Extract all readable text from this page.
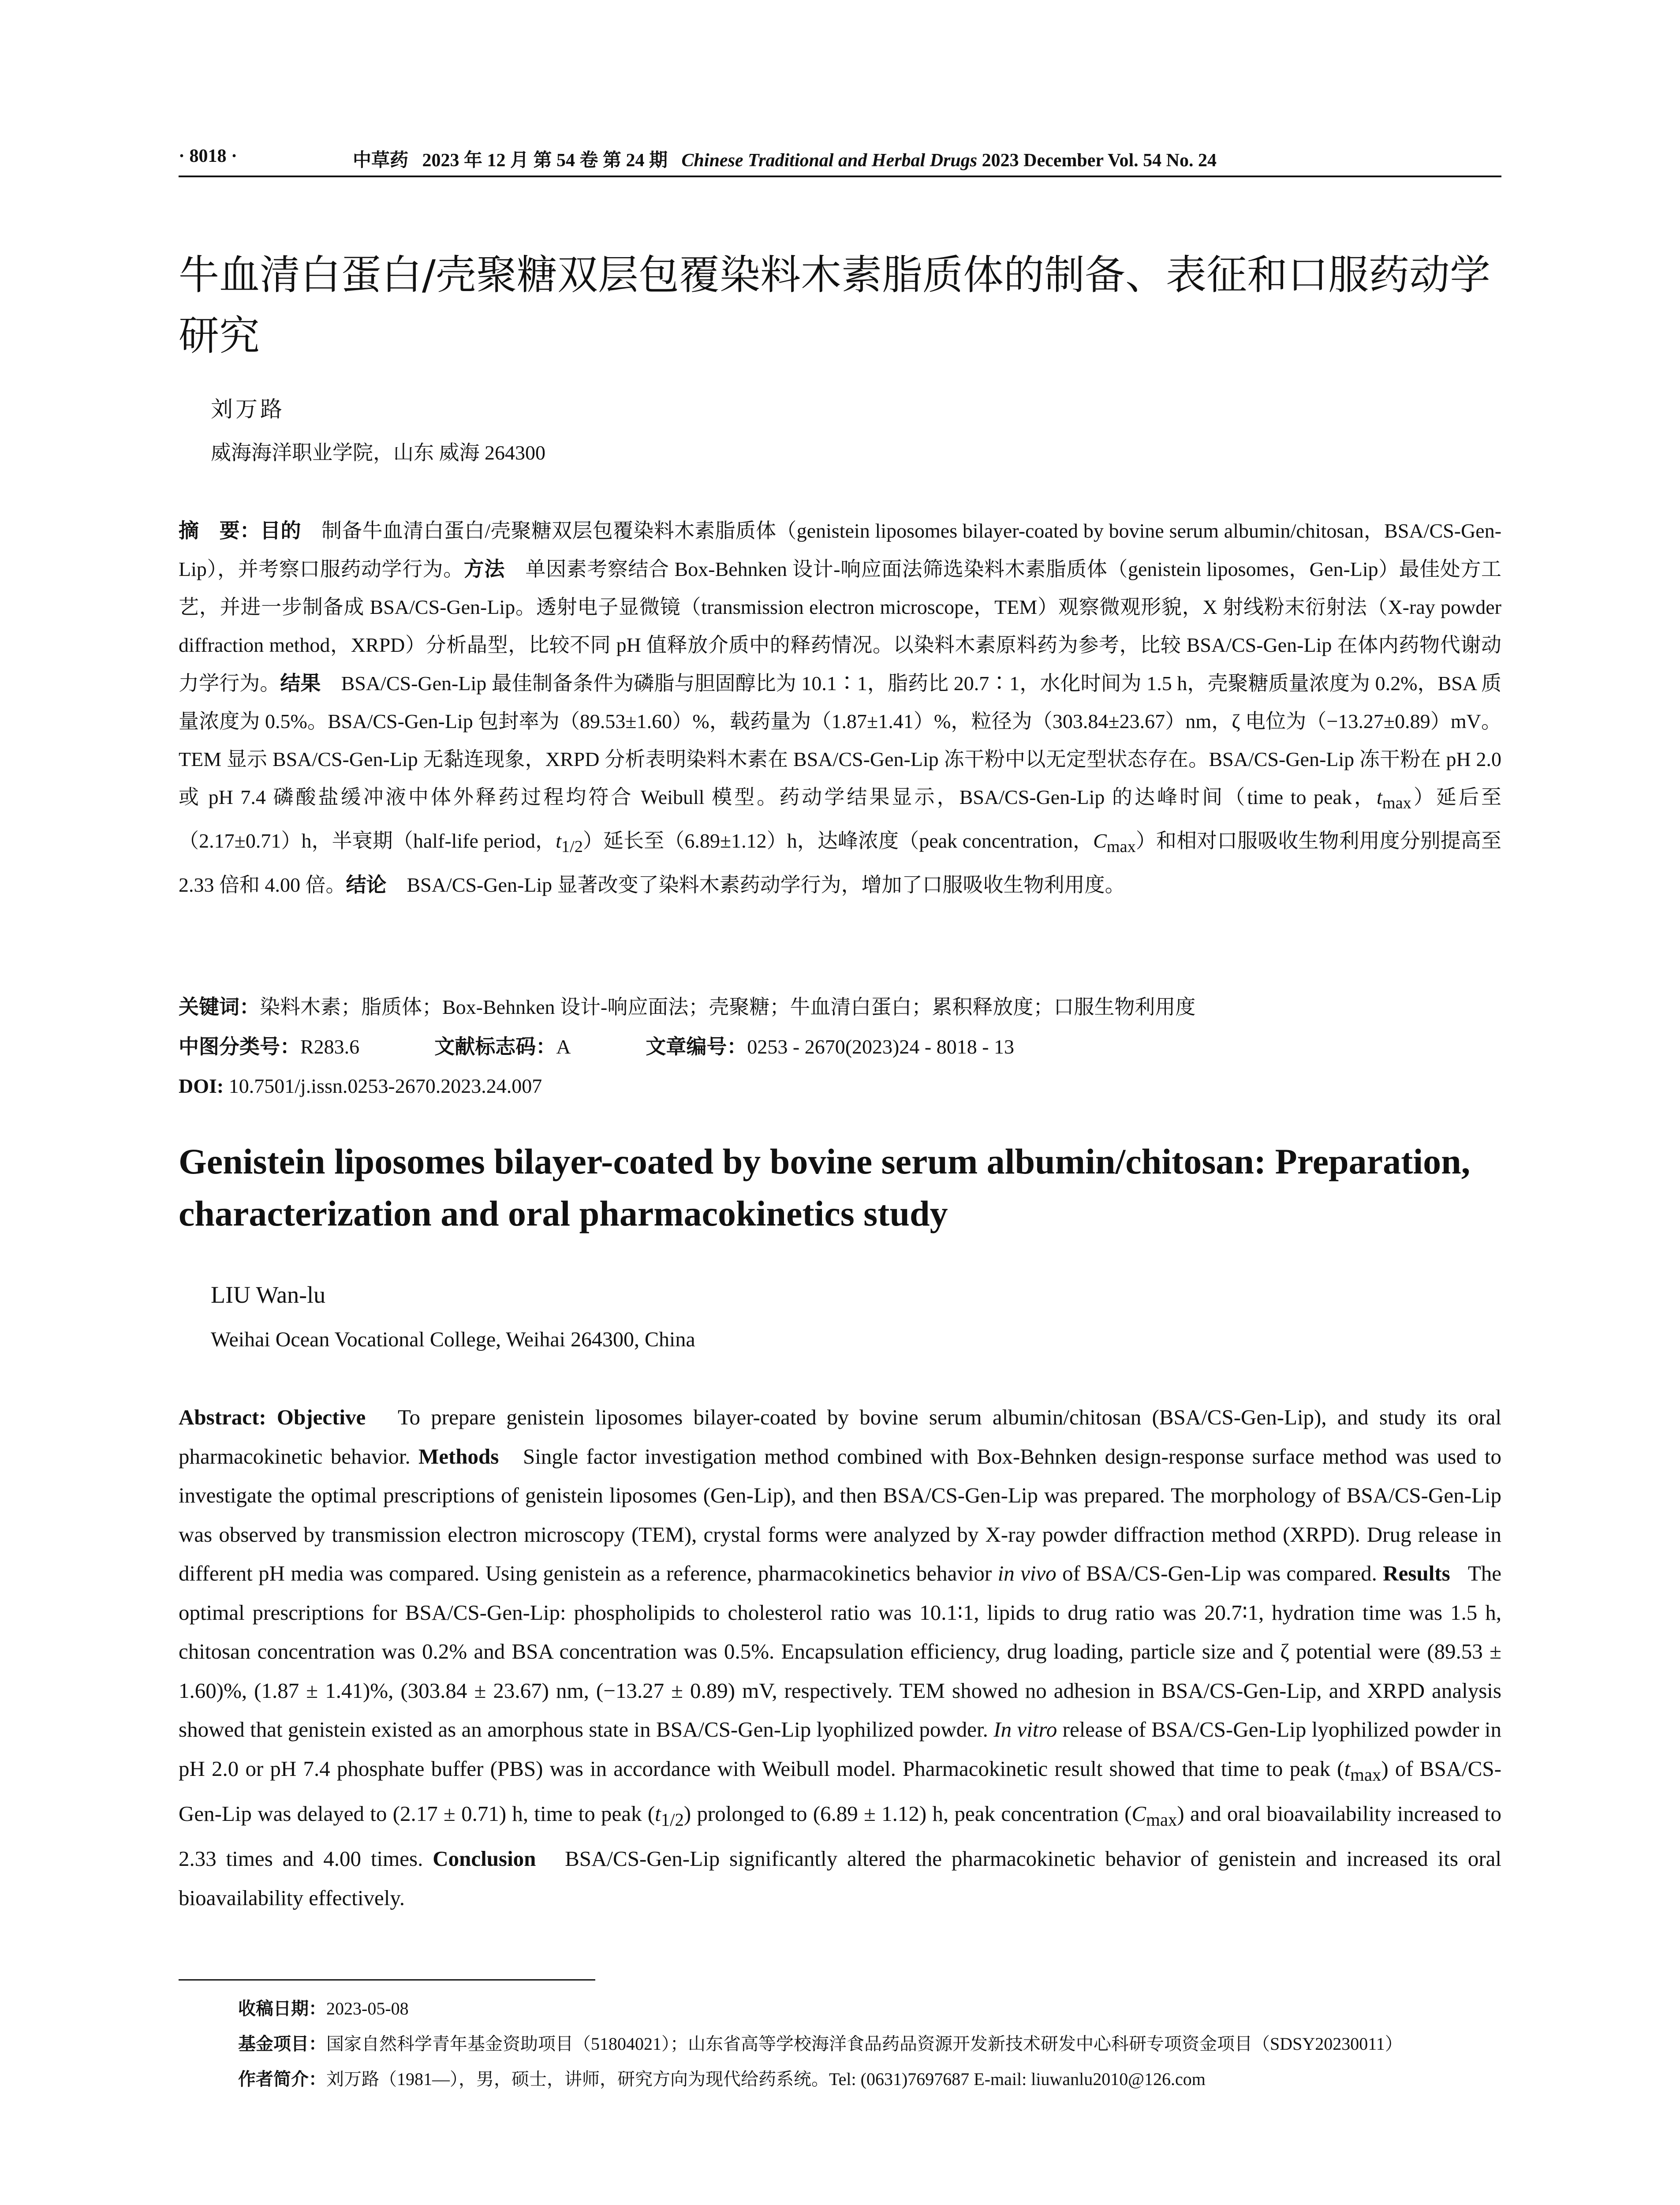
· 8018 ·	中草药 2023 年 12 月 第 54 卷 第 24 期 Chinese Traditional and Herbal Drugs 2023 December Vol. 54 No. 24
牛血清白蛋白/壳聚糖双层包覆染料木素脂质体的制备、表征和口服药动学研究
刘万路
威海海洋职业学院，山东 威海 264300
摘　要：目的　 制备牛血清白蛋白/壳聚糖双层包覆染料木素脂质体（genistein liposomes bilayer-coated by bovine serum albumin/chitosan，BSA/CS-Gen-Lip），并考察口服药动学行为。方法　 单因素考察结合 Box-Behnken 设计-响应面法筛选染料木素脂质体（genistein liposomes，Gen-Lip）最佳处方工艺，并进一步制备成 BSA/CS-Gen-Lip。透射电子显微镜（transmission electron microscope，TEM）观察微观形貌，X 射线粉末衍射法（X-ray powder diffraction method，XRPD）分析晶型，比较不同 pH 值释放介质中的释药情况。以染料木素原料药为参考，比较 BSA/CS-Gen-Lip 在体内药物代谢动力学行为。结果　 BSA/CS-Gen-Lip 最佳制备条件为磷脂与胆固醇比为 10.1∶1，脂药比 20.7∶1，水化时间为 1.5 h，壳聚糖质量浓度为 0.2%，BSA 质量浓度为 0.5%。BSA/CS-Gen-Lip 包封率为（89.53±1.60）%，载药量为（1.87±1.41）%，粒径为（303.84±23.67）nm，ζ 电位为（−13.27±0.89）mV。TEM 显示 BSA/CS-Gen-Lip 无黏连现象，XRPD 分析表明染料木素在 BSA/CS-Gen-Lip 冻干粉中以无定型状态存在。BSA/CS-Gen-Lip 冻干粉在 pH 2.0 或 pH 7.4 磷酸盐缓冲液中体外释药过程均符合 Weibull 模型。药动学结果显示，BSA/CS-Gen-Lip 的达峰时间（time to peak，$t_{max}$）延后至（2.17±0.71）h，半衰期（half-life period，$t_{1/2}$）延长至（6.89±1.12）h，达峰浓度（peak concentration，$C_{max}$）和相对口服吸收生物利用度分别提高至 2.33 倍和 4.00 倍。结论　 BSA/CS-Gen-Lip 显著改变了染料木素药动学行为，增加了口服吸收生物利用度。
关键词：染料木素；脂质体；Box-Behnken 设计-响应面法；壳聚糖；牛血清白蛋白；累积释放度；口服生物利用度
中图分类号：R283.6	文献标志码：A	文章编号：0253 - 2670(2023)24 - 8018 - 13
DOI: 10.7501/j.issn.0253-2670.2023.24.007
Genistein liposomes bilayer-coated by bovine serum albumin/chitosan: Preparation, characterization and oral pharmacokinetics study
LIU Wan-lu
Weihai Ocean Vocational College, Weihai 264300, China
Abstract: Objective To prepare genistein liposomes bilayer-coated by bovine serum albumin/chitosan (BSA/CS-Gen-Lip), and study its oral pharmacokinetic behavior. Methods Single factor investigation method combined with Box-Behnken design-response surface method was used to investigate the optimal prescriptions of genistein liposomes (Gen-Lip), and then BSA/CS-Gen-Lip was prepared. The morphology of BSA/CS-Gen-Lip was observed by transmission electron microscopy (TEM), crystal forms were analyzed by X-ray powder diffraction method (XRPD). Drug release in different pH media was compared. Using genistein as a reference, pharmacokinetics behavior in vivo of BSA/CS-Gen-Lip was compared. Results The optimal prescriptions for BSA/CS-Gen-Lip: phospholipids to cholesterol ratio was 10.1∶1, lipids to drug ratio was 20.7∶1, hydration time was 1.5 h, chitosan concentration was 0.2% and BSA concentration was 0.5%. Encapsulation efficiency, drug loading, particle size and ζ potential were (89.53 ± 1.60)%, (1.87 ± 1.41)%, (303.84 ± 23.67) nm, (−13.27 ± 0.89) mV, respectively. TEM showed no adhesion in BSA/CS-Gen-Lip, and XRPD analysis showed that genistein existed as an amorphous state in BSA/CS-Gen-Lip lyophilized powder. In vitro release of BSA/CS-Gen-Lip lyophilized powder in pH 2.0 or pH 7.4 phosphate buffer (PBS) was in accordance with Weibull model. Pharmacokinetic result showed that time to peak $(t_{max})$ of BSA/CS-Gen-Lip was delayed to (2.17 ± 0.71) h, time to peak $(t_{1/2})$ prolonged to (6.89 ± 1.12) h, peak concentration $(C_{max})$ and oral bioavailability increased to 2.33 times and 4.00 times. Conclusion BSA/CS-Gen-Lip significantly altered the pharmacokinetic behavior of genistein and increased its oral bioavailability effectively.
收稿日期：2023-05-08
基金项目：国家自然科学青年基金资助项目（51804021）；山东省高等学校海洋食品药品资源开发新技术研发中心科研专项资金项目（SDSY20230011）
作者简介：刘万路（1981—），男，硕士，讲师，研究方向为现代给药系统。Tel: (0631)7697687 E-mail: liuwanlu2010@126.com
